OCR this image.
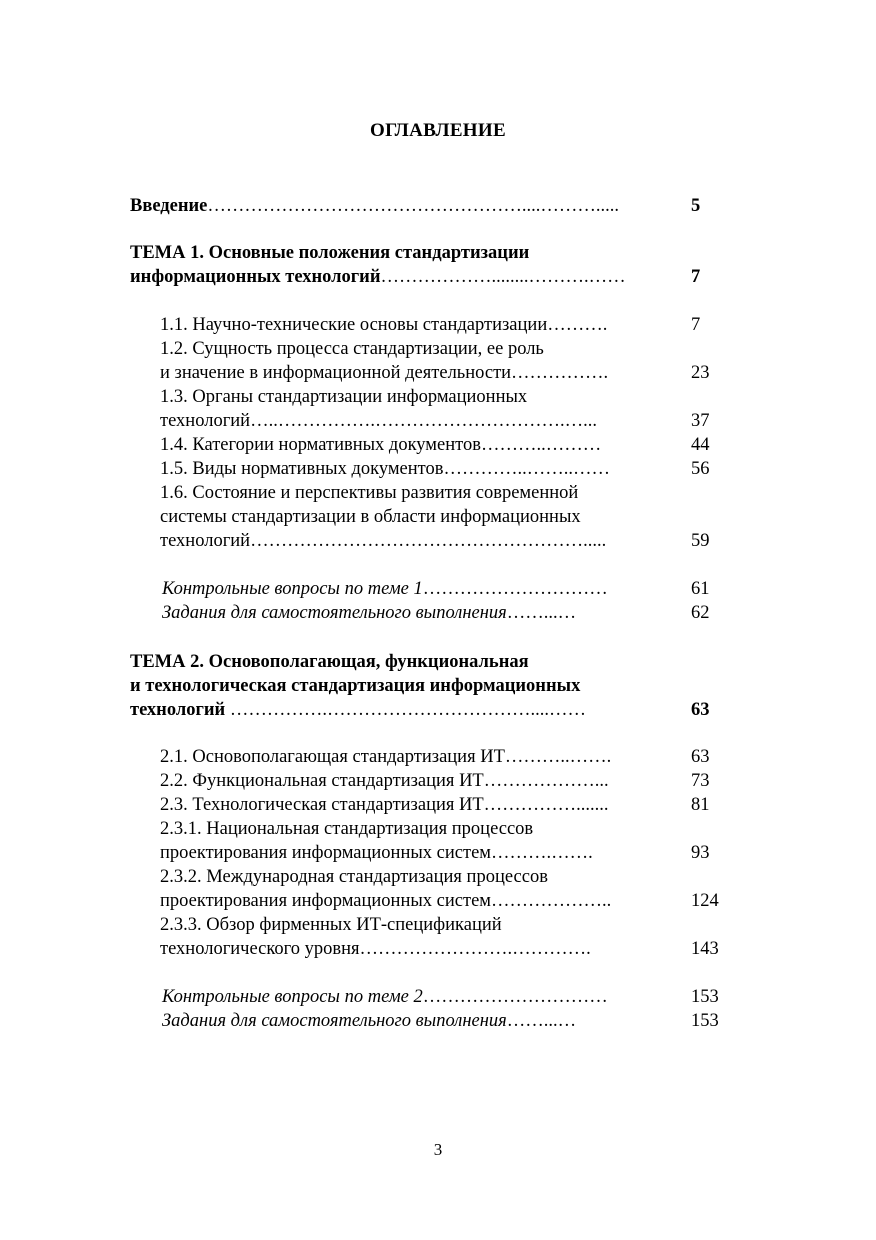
ОГЛАВЛЕНИЕ
Введение……………………………………………....……….....	5
ТЕМА 1. Основные положения стандартизации
информационных технологий………………........……….……	7
1.1. Научно-технические основы стандартизации……….	7
1.2. Сущность процесса стандартизации, ее роль
и значение в информационной деятельности…………….	23
1.3. Органы стандартизации информационных
технологий…..…………….………………………….…...	37
1.4. Категории нормативных документов………..………	44
1.5. Виды нормативных документов…………..……..……	56
1.6. Состояние и перспективы развития современной
системы стандартизации в области информационных
технологий……………………………………………….....	59
Контрольные вопросы по теме 1…………………………	61
Задания для самостоятельного выполнения……...…	62
ТЕМА 2. Основополагающая, функциональная
и технологическая стандартизация информационных
технологий …………….……………………………....……	63
2.1. Основополагающая стандартизация ИТ………..…….	63
2.2. Функциональная стандартизация ИТ………………...	73
2.3. Технологическая стандартизация ИТ…………….......	81
2.3.1. Национальная стандартизация процессов
проектирования информационных систем……….…….	93
2.3.2. Международная стандартизация процессов
проектирования информационных систем………………..	124
2.3.3. Обзор фирменных ИТ-спецификаций
технологического уровня…………………….………….	143
Контрольные вопросы по теме 2…………………………	153
Задания для самостоятельного выполнения……...…	153
3
